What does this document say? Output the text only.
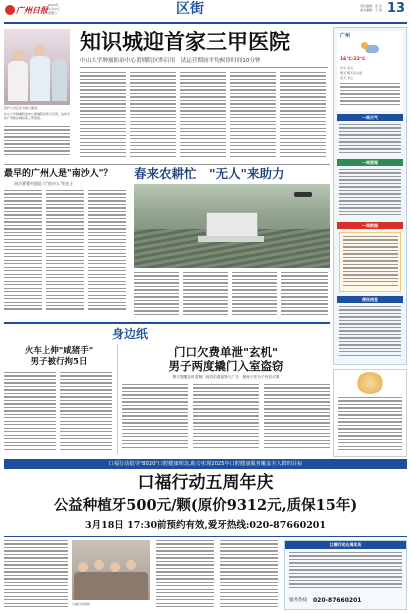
广州日报 2023年
3月12日
星期日	区街	责任编辑：吴 亮
美术编辑：王 凯 13
医护人员正在为病人服务。
中山大学肿瘤防治中心黄埔院区昨日启用，这是中新广州知识城首家三甲医院。
知识城迎首家三甲医院
中山大学肿瘤防治中心黄埔院区昨启用　试运营期间平均候诊时间10分钟
广州
16℃-22℃
今天 多云
明天 阴天有小雨
后天 多云
一周天气
一周要闻
一周数据
便民信息
最早的广州人是"南沙人"？
南沙番薯村遗址与"南沙人"的出土
春来农耕忙　"无人"来助力
身边纸
火车上伸"咸猪手"
男子被行拘5日
门口欠费单泄"玄机"
男子两度撬门入室盗窃
警方提醒及时清理门前放的遗留物与广告　避免不法分子有机可乘
口福行动倡导"8020"口腔健康理念,助力实现2025年口腔健康服务覆盖全人群的目标
口福行动五周年庆
公益种植牙500元/颗(原价9312元,质保15年)
3月18日 17:30前预约有效,爱牙热线:020-87660201
口福行动现场
口福行动五周年庆
服务热线 020-87660201
